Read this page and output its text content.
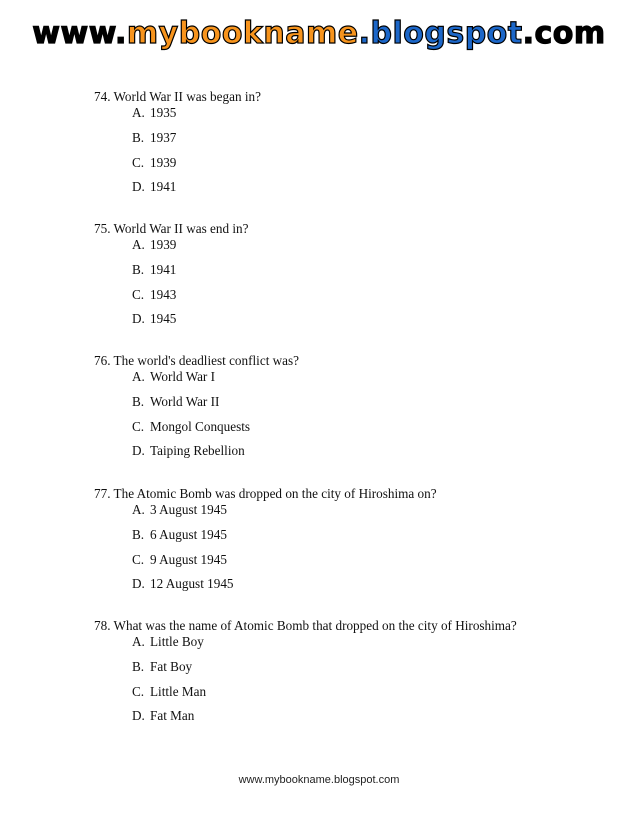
www.mybookname.blogspot.com
74. World War II was began in?
A. 1935
B. 1937
C. 1939
D. 1941
75. World War II was end in?
A. 1939
B. 1941
C. 1943
D. 1945
76. The world's deadliest conflict was?
A. World War I
B. World War II
C. Mongol Conquests
D. Taiping Rebellion
77. The Atomic Bomb was dropped on the city of Hiroshima on?
A. 3 August 1945
B. 6 August 1945
C. 9 August 1945
D. 12 August 1945
78. What was the name of Atomic Bomb that dropped on the city of Hiroshima?
A. Little Boy
B. Fat Boy
C. Little Man
D. Fat Man
www.mybookname.blogspot.com
